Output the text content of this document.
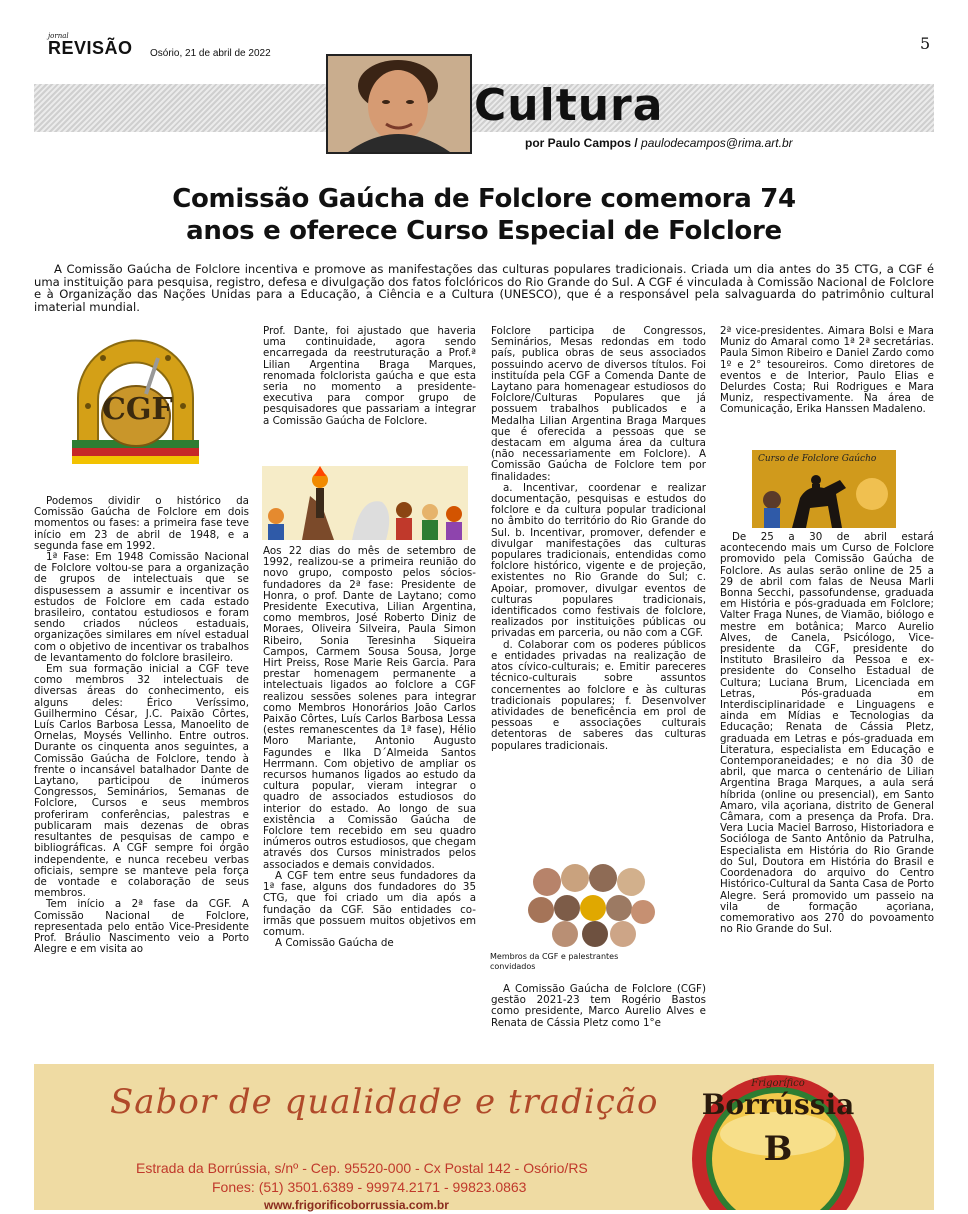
jornal
REVISÃO Osório, 21 de abril de 2022
5
Cultura
por Paulo Campos / paulodecampos@rima.art.br
Comissão Gaúcha de Folclore comemora 74
anos e oferece Curso Especial de Folclore
A Comissão Gaúcha de Folclore incentiva e promove as manifestações das culturas populares tradicionais. Criada um dia antes do 35 CTG, a CGF é uma instituição para pesquisa, registro, defesa e divulgação dos fatos folclóricos do Rio Grande do Sul. A CGF é vinculada à Comissão Nacional de Folclore e à Organização das Nações Unidas para a Educação, a Ciência e a Cultura (UNESCO), que é a responsável pela salvaguarda do patrimônio cultural imaterial mundial.
CGF

Podemos dividir o histórico da Comissão Gaúcha de Folclore em dois momentos ou fases: a primeira fase teve início em 23 de abril de 1948, e a segunda fase em 1992.

1ª Fase: Em 1948 Comissão Nacional de Folclore voltou-se para a organização de grupos de intelectuais que se dispusessem a assumir e incentivar os estudos de Folclore em cada estado brasileiro, contatou estudiosos e foram sendo criados núcleos estaduais, organizações similares em nível estadual com o objetivo de incentivar os trabalhos de levantamento do folclore brasileiro.

Em sua formação inicial a CGF teve como membros 32 intelectuais de diversas áreas do conhecimento, eis alguns deles: Érico Veríssimo, Guilhermino César, J.C. Paixão Côrtes, Luís Carlos Barbosa Lessa, Manoelito de Ornelas, Moysés Vellinho. Entre outros. Durante os cinquenta anos seguintes, a Comissão Gaúcha de Folclore, tendo à frente o incansável batalhador Dante de Laytano, participou de inúmeros Congressos, Seminários, Semanas de Folclore, Cursos e seus membros proferiram conferências, palestras e publicaram mais dezenas de obras resultantes de pesquisas de campo e bibliográficas. A CGF sempre foi órgão independente, e nunca recebeu verbas oficiais, sempre se manteve pela força de vontade e colaboração de seus membros.

Tem início a 2ª fase da CGF. A Comissão Nacional de Folclore, representada pelo então Vice-Presidente Prof. Bráulio Nascimento veio a Porto Alegre e em visita ao

Prof. Dante, foi ajustado que haveria uma continuidade, agora sendo encarregada da reestruturação a Prof.ª Lilian Argentina Braga Marques, renomada folclorista gaúcha e que esta seria no momento a presidente-executiva para compor grupo de pesquisadores que passariam a integrar a Comissão Gaúcha de Folclore.

Aos 22 dias do mês de setembro de 1992, realizou-se a primeira reunião do novo grupo, composto pelos sócios-fundadores da 2ª fase: Presidente de Honra, o prof. Dante de Laytano; como Presidente Executiva, Lilian Argentina, como membros, José Roberto Diniz de Moraes, Oliveira Silveira, Paula Simon Ribeiro, Sonia Teresinha Siqueira Campos, Carmem Sousa Sousa, Jorge Hirt Preiss, Rose Marie Reis Garcia. Para prestar homenagem permanente a intelectuais ligados ao folclore a CGF realizou sessões solenes para integrar como Membros Honorários João Carlos Paixão Côrtes, Luís Carlos Barbosa Lessa (estes remanescentes da 1ª fase), Hélio Moro Mariante, Antonio Augusto Fagundes e Ilka D´Almeida Santos Herrmann. Com objetivo de ampliar os recursos humanos ligados ao estudo da cultura popular, vieram integrar o quadro de associados estudiosos do interior do estado. Ao longo de sua existência a Comissão Gaúcha de Folclore tem recebido em seu quadro inúmeros outros estudiosos, que chegam através dos Cursos ministrados pelos associados e demais convidados.

A CGF tem entre seus fundadores da 1ª fase, alguns dos fundadores do 35 CTG, que foi criado um dia após a fundação da CGF. São entidades co-irmãs que possuem muitos objetivos em comum.

A Comissão Gaúcha de

Folclore participa de Congressos, Seminários, Mesas redondas em todo país, publica obras de seus associados possuindo acervo de diversos títulos. Foi instituída pela CGF a Comenda Dante de Laytano para homenagear estudiosos do Folclore/Culturas Populares que já possuem trabalhos publicados e a Medalha Lilian Argentina Braga Marques que é oferecida a pessoas que se destacam em alguma área da cultura (não necessariamente em Folclore). A Comissão Gaúcha de Folclore tem por finalidades:

a. Incentivar, coordenar e realizar documentação, pesquisas e estudos do folclore e da cultura popular tradicional no âmbito do território do Rio Grande do Sul. b. Incentivar, promover, defender e divulgar manifestações das culturas populares tradicionais, entendidas como folclore histórico, vigente e de projeção, existentes no Rio Grande do Sul; c. Apoiar, promover, divulgar eventos de culturas populares tradicionais, identificados como festivais de folclore, realizados por instituições públicas ou privadas em parceria, ou não com a CGF.

d. Colaborar com os poderes públicos e entidades privadas na realização de atos cívico-culturais; e. Emitir pareceres técnico-culturais sobre assuntos concernentes ao folclore e às culturas tradicionais populares; f. Desenvolver atividades de beneficência em prol de pessoas e associações culturais detentoras de saberes das culturas populares tradicionais.

Membros da CGF e palestrantes convidados

A Comissão Gaúcha de Folclore (CGF) gestão 2021-23 tem Rogério Bastos como presidente, Marco Aurelio Alves e Renata de Cássia Pletz como 1°e

2ª vice-presidentes. Aimara Bolsi e Mara Muniz do Amaral como 1ª 2ª secretárias. Paula Simon Ribeiro e Daniel Zardo como 1º e 2° tesoureiros. Como diretores de eventos e de Interior, Paulo Elias e Delurdes Costa; Rui Rodrigues e Mara Muniz, respectivamente. Na área de Comunicação, Erika Hanssen Madaleno.

Curso de Folclore Gaúcho

De 25 a 30 de abril estará acontecendo mais um Curso de Folclore promovido pela Comissão Gaúcha de Folclore. As aulas serão online de 25 a 29 de abril com falas de Neusa Marli Bonna Secchi, passofundense, graduada em História e pós-graduada em Folclore; Valter Fraga Nunes, de Viamão, biólogo e mestre em botânica; Marco Aurelio Alves, de Canela, Psicólogo, Vice-presidente da CGF, presidente do Instituto Brasileiro da Pessoa e ex-presidente do Conselho Estadual de Cultura; Luciana Brum, Licenciada em Letras, Pós-graduada em Interdisciplinaridade e Linguagens e ainda em Mídias e Tecnologias da Educação; Renata de Cássia Pletz, graduada em Letras e pós-graduada em Literatura, especialista em Educação e Contemporaneidades; e no dia 30 de abril, que marca o centenário de Lilian Argentina Braga Marques, a aula será híbrida (online ou presencial), em Santo Amaro, vila açoriana, distrito de General Câmara, com a presença da Profa. Dra. Vera Lucia Maciel Barroso, Historiadora e Socióloga de Santo Antônio da Patrulha, Especialista em História do Rio Grande do Sul, Doutora em História do Brasil e Coordenadora do arquivo do Centro Histórico-Cultural da Santa Casa de Porto Alegre. Será promovido um passeio na vila de formação açoriana, comemorativo aos 270 do povoamento no Rio Grande do Sul.

Sabor de qualidade e tradição
Estrada da Borrússia, s/nº - Cep. 95520-000 - Cx Postal 142 - Osório/RS
Fones: (51) 3501.6389 - 99974.2171 - 99823.0863
www.frigorificoborrussia.com.br
Frigorífico
Borrússia
B
